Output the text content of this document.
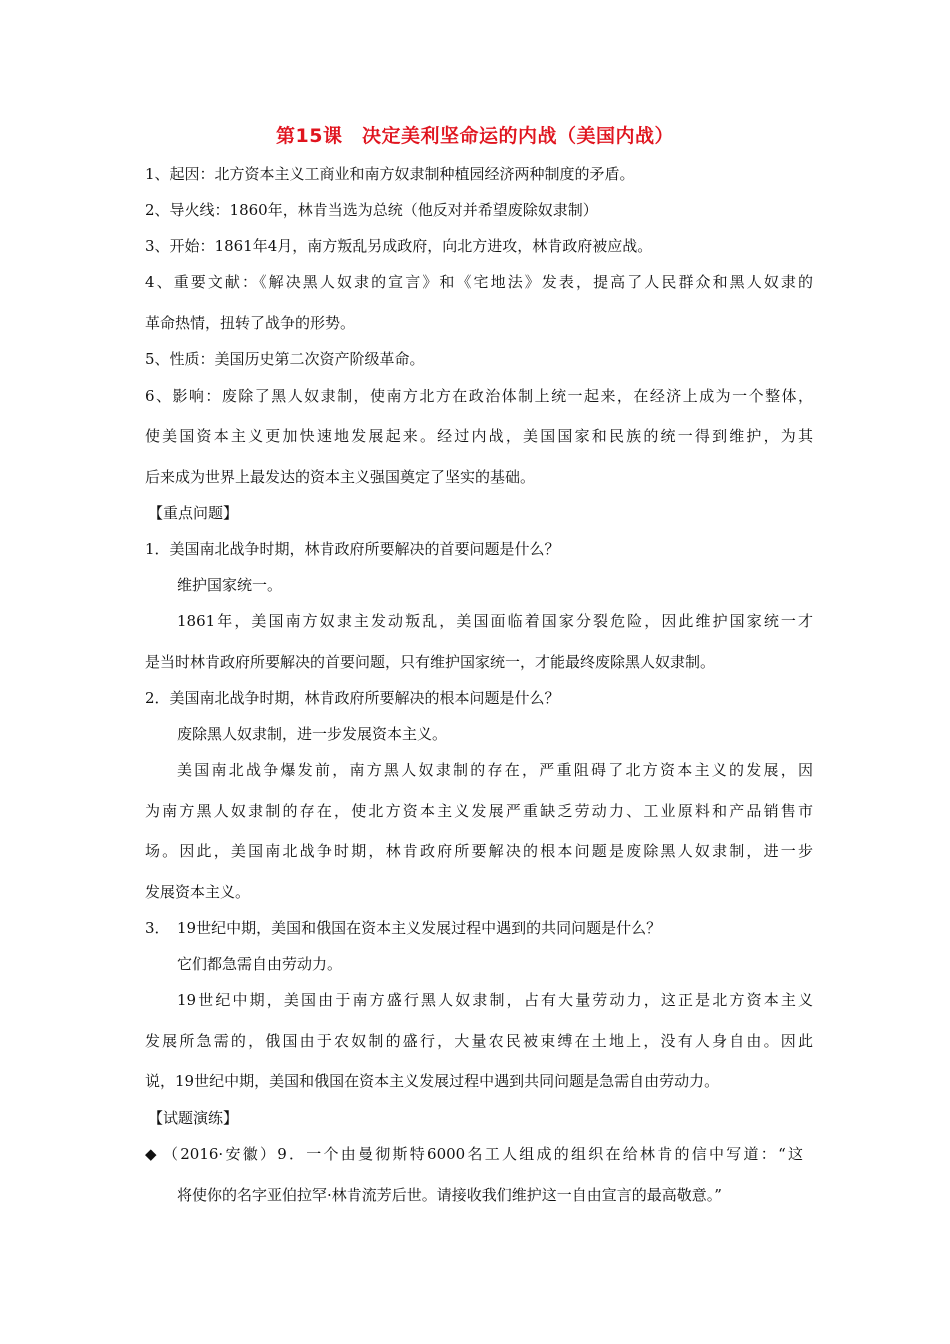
第15课　决定美利坚命运的内战（美国内战）
1、起因：北方资本主义工商业和南方奴隶制种植园经济两种制度的矛盾。
2、导火线：1860年，林肯当选为总统（他反对并希望废除奴隶制）
3、开始：1861年4月，南方叛乱另成政府，向北方进攻，林肯政府被应战。
4、重要文献：《解决黑人奴隶的宣言》和《宅地法》发表，提高了人民群众和黑人奴隶的
革命热情，扭转了战争的形势。
5、性质：美国历史第二次资产阶级革命。
6、影响：废除了黑人奴隶制，使南方北方在政治体制上统一起来，在经济上成为一个整体，
使美国资本主义更加快速地发展起来。经过内战，美国国家和民族的统一得到维护，为其
后来成为世界上最发达的资本主义强国奠定了坚实的基础。
【重点问题】
1．美国南北战争时期，林肯政府所要解决的首要问题是什么？
维护国家统一。
1861年，美国南方奴隶主发动叛乱，美国面临着国家分裂危险，因此维护国家统一才
是当时林肯政府所要解决的首要问题，只有维护国家统一，才能最终废除黑人奴隶制。
2．美国南北战争时期，林肯政府所要解决的根本问题是什么？
废除黑人奴隶制，进一步发展资本主义。
美国南北战争爆发前，南方黑人奴隶制的存在，严重阻碍了北方资本主义的发展，因
为南方黑人奴隶制的存在，使北方资本主义发展严重缺乏劳动力、工业原料和产品销售市
场。因此，美国南北战争时期，林肯政府所要解决的根本问题是废除黑人奴隶制，进一步
发展资本主义。
3． 19世纪中期，美国和俄国在资本主义发展过程中遇到的共同问题是什么？
它们都急需自由劳动力。
19世纪中期，美国由于南方盛行黑人奴隶制，占有大量劳动力，这正是北方资本主义
发展所急需的，俄国由于农奴制的盛行，大量农民被束缚在土地上，没有人身自由。因此
说，19世纪中期，美国和俄国在资本主义发展过程中遇到共同问题是急需自由劳动力。
【试题演练】
◆ （2016·安徽）9．一个由曼彻斯特6000名工人组成的组织在给林肯的信中写道：“这
将使你的名字亚伯拉罕·林肯流芳后世。请接收我们维护这一自由宣言的最高敬意。”
